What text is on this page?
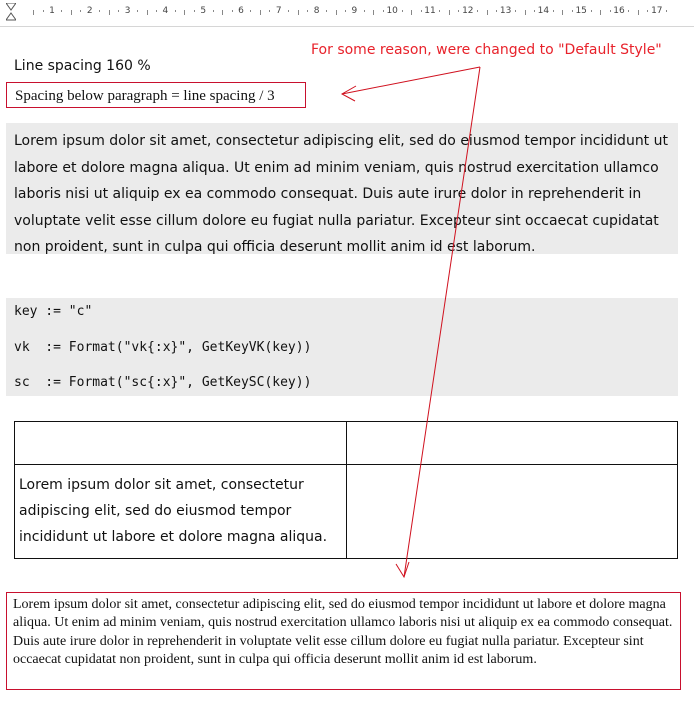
1	2	3	4	5	6	7	8	9	10	11	12	13	14	15	16	17
Line spacing 160 %
Spacing below paragraph = line spacing / 3
For some reason, were changed to "Default Style"
Lorem ipsum dolor sit amet, consectetur adipiscing elit, sed do eiusmod tempor incididunt ut labore et dolore magna aliqua. Ut enim ad minim veniam, quis nostrud exercitation ullamco laboris nisi ut aliquip ex ea commodo consequat. Duis aute irure dolor in reprehenderit in voluptate velit esse cillum dolore eu fugiat nulla pariatur. Excepteur sint occaecat cupidatat non proident, sunt in culpa qui officia deserunt mollit anim id est laborum.
key := "c"
vk  := Format("vk{:x}", GetKeyVK(key))
sc  := Format("sc{:x}", GetKeySC(key))

Lorem ipsum dolor sit amet, consectetur adipiscing elit, sed do eiusmod tempor incididunt ut labore et dolore magna aliqua.	

Lorem ipsum dolor sit amet, consectetur adipiscing elit, sed do eiusmod tempor incididunt ut labore et dolore magna aliqua. Ut enim ad minim veniam, quis nostrud exercitation ullamco laboris nisi ut aliquip ex ea commodo consequat. Duis aute irure dolor in reprehenderit in voluptate velit esse cillum dolore eu fugiat nulla pariatur. Excepteur sint occaecat cupidatat non proident, sunt in culpa qui officia deserunt mollit anim id est laborum.
